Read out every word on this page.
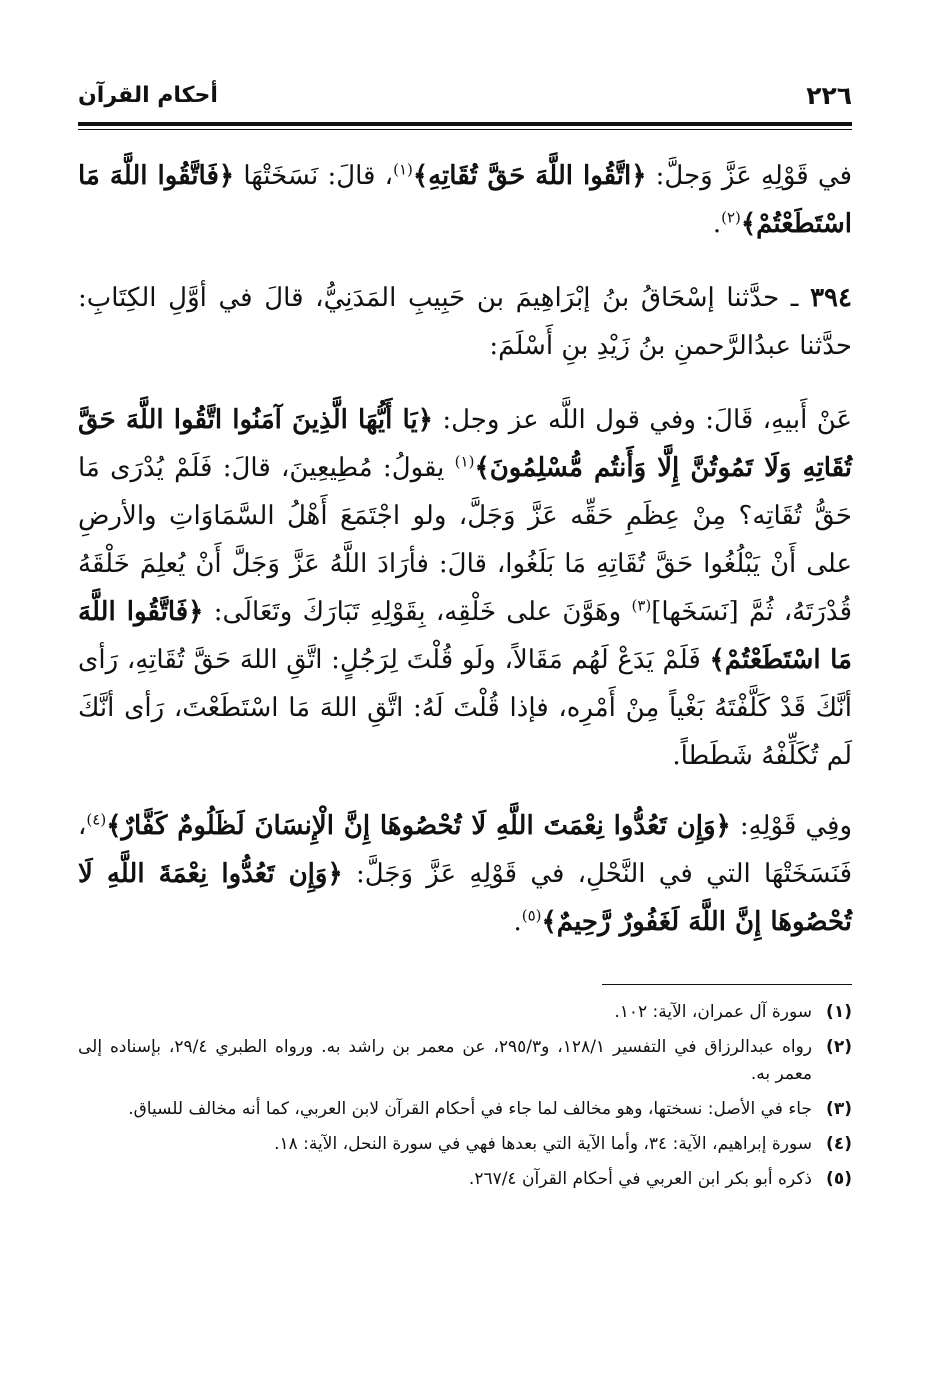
٢٢٦
أحكام القرآن

في قَوْلِهِ عَزَّ وَجلَّ: ﴿اتَّقُوا اللَّهَ حَقَّ تُقَاتِهِ﴾$^{(١)}$، قالَ: نَسَخَتْهَا ﴿فَاتَّقُوا اللَّهَ مَا اسْتَطَعْتُمْ﴾$^{(٢)}$.

٣٩٤ ـ حدَّثنا إسْحَاقُ بنُ إبْرَاهِيمَ بن حَبِيبِ المَدَنِيُّ، قالَ في أوَّلِ الكِتَابِ: حدَّثنا عبدُالرَّحمنِ بنُ زَيْدِ بنِ أَسْلَمَ:

عَنْ أَبيهِ، قَالَ: وفي قول اللَّه عز وجل: ﴿يَا أَيُّهَا الَّذِينَ آمَنُوا اتَّقُوا اللَّهَ حَقَّ تُقَاتِهِ وَلَا تَمُوتُنَّ إِلَّا وَأَنتُم مُّسْلِمُونَ﴾$^{(١)}$ يقولُ: مُطِيعِينَ، قالَ: فَلَمْ يُدْرَى مَا حَقُّ تُقَاتِه؟ مِنْ عِظَمِ حَقِّه عَزَّ وَجَلَّ، ولو اجْتَمَعَ أَهْلُ السَّمَاوَاتِ والأرضِ على أَنْ يَبْلُغُوا حَقَّ تُقَاتِهِ مَا بَلَغُوا، قالَ: فأرَادَ اللَّهُ عَزَّ وَجَلَّ أَنْ يُعلِمَ خَلْقَهُ قُدْرَتَهُ، ثُمَّ [نَسَخَها]$^{(٣)}$ وهَوَّنَ على خَلْقِه، بِقَوْلِهِ تَبَارَكَ وتَعَالَى: ﴿فَاتَّقُوا اللَّهَ مَا اسْتَطَعْتُمْ﴾ فَلَمْ يَدَعْ لَهُم مَقَالاً، ولَو قُلْتَ لِرَجُلٍ: اتَّقِ اللهَ حَقَّ تُقَاتِهِ، رَأى أنَّكَ قَدْ كَلَّفْتَهُ بَغْياً مِنْ أَمْرِه، فإذا قُلْتَ لَهُ: اتَّقِ اللهَ مَا اسْتَطَعْتَ، رَأى أنَّكَ لَم تُكَلِّفْهُ شَطَطاً.

وفِي قَوْلِهِ: ﴿وَإِن تَعُدُّوا نِعْمَتَ اللَّهِ لَا تُحْصُوهَا إِنَّ الْإِنسَانَ لَظَلُومٌ كَفَّارٌ﴾$^{(٤)}$، فَنَسَخَتْهَا التي في النَّحْلِ، في قَوْلِهِ عَزَّ وَجَلَّ: ﴿وَإِن تَعُدُّوا نِعْمَةَ اللَّهِ لَا تُحْصُوهَا إِنَّ اللَّهَ لَغَفُورٌ رَّحِيمٌ﴾$^{(٥)}$.

(١)
سورة آل عمران، الآية: ١٠٢.
(٢)
رواه عبدالرزاق في التفسير ١٢٨/١، و٢٩٥/٣، عن معمر بن راشد به. ورواه الطبري ٢٩/٤، بإسناده إلى معمر به.
(٣)
جاء في الأصل: نسختها، وهو مخالف لما جاء في أحكام القرآن لابن العربي، كما أنه مخالف للسياق.
(٤)
سورة إبراهيم، الآية: ٣٤، وأما الآية التي بعدها فهي في سورة النحل، الآية: ١٨.
(٥)
ذكره أبو بكر ابن العربي في أحكام القرآن ٢٦٧/٤.
